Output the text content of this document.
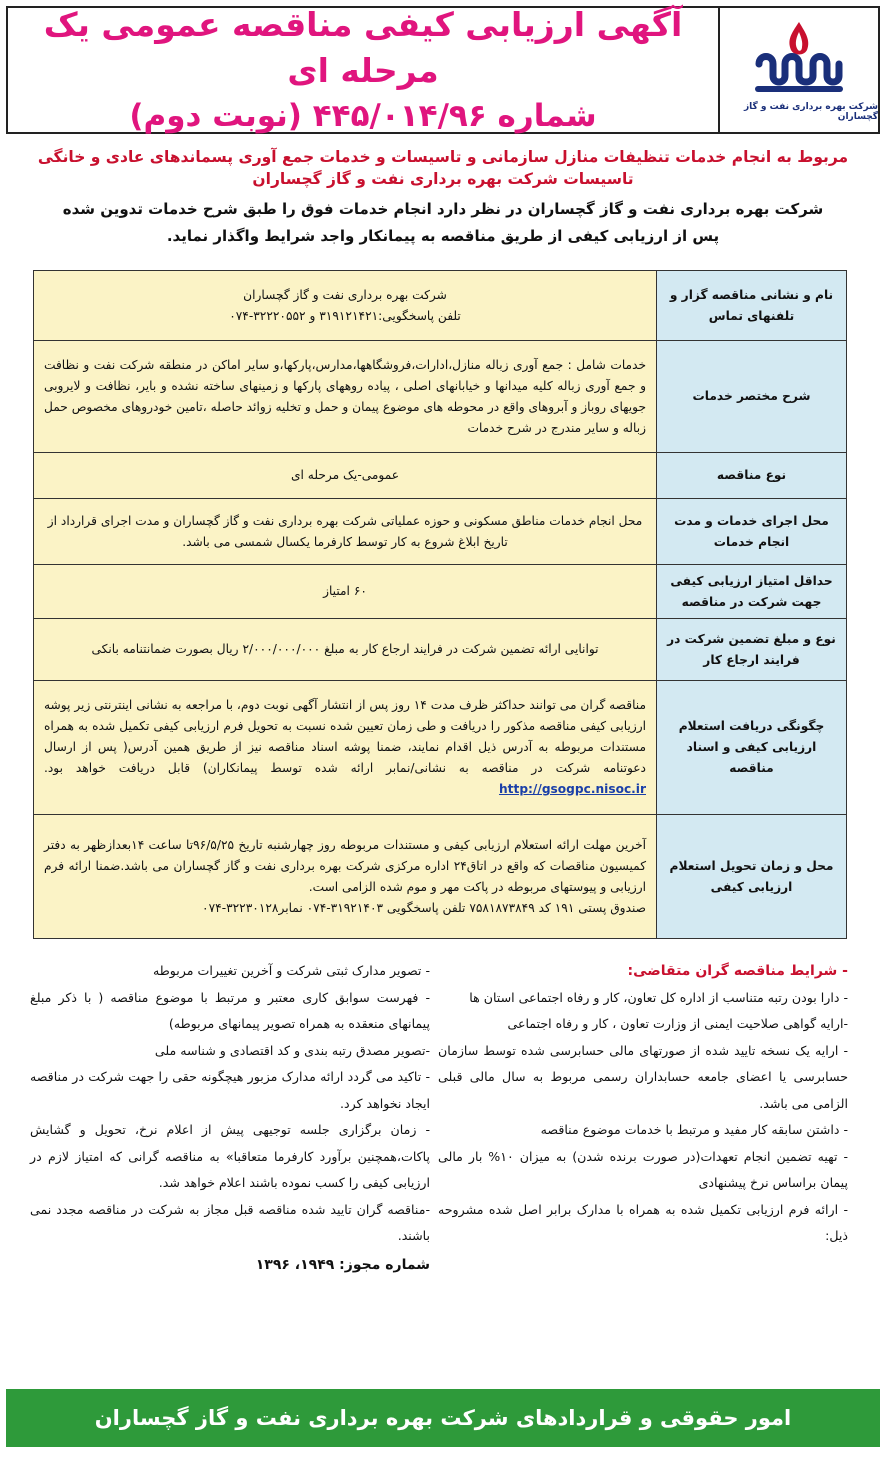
شرکت بهره برداری نفت و گاز گچساران
آگهی ارزیابی کیفی مناقصه عمومی یک مرحله ای
شماره ۴۴۵/۰۱۴/۹۶ (نوبت دوم)
مربوط به انجام خدمات تنظیفات منازل سازمانی و تاسیسات و خدمات جمع آوری پسماندهای عادی و خانگی
تاسیسات شرکت بهره برداری نفت و گاز گچساران
شرکت بهره برداری نفت و گاز گچساران در نظر دارد انجام خدمات فوق را طبق شرح خدمات تدوین شده
پس از ارزیابی کیفی از طریق مناقصه به پیمانکار واجد شرایط واگذار نماید.
نام و نشانی مناقصه گزار و تلفنهای تماس	شرکت بهره برداری نفت و گاز گچساران
تلفن پاسخگویی:۳۱۹۱۲۱۴۲۱ و ۳۲۲۲۰۵۵۲-۰۷۴

شرح مختصر خدمات	خدمات شامل : جمع آوری زباله منازل،ادارات،فروشگاهها،مدارس،پارکها،و سایر اماکن در منطقه شرکت نفت و نظافت و جمع آوری زباله کلیه میدانها و خیابانهای اصلی ، پیاده روههای پارکها و زمینهای ساخته نشده و بایر، نظافت و لایروبی جویهای روباز و آبروهای واقع در محوطه های موضوع پیمان و حمل و تخلیه زوائد حاصله ،تامین خودروهای مخصوص حمل زباله و سایر مندرج در شرح خدمات
نوع مناقصه	عمومی-یک مرحله ای
محل اجرای خدمات و مدت انجام خدمات	محل انجام خدمات مناطق مسکونی و حوزه عملیاتی شرکت بهره برداری نفت و گاز گچساران و مدت اجرای قرارداد از تاریخ ابلاغ شروع به کار توسط کارفرما یکسال شمسی می باشد.
حداقل امتیاز ارزیابی کیفی جهت شرکت در مناقصه	۶۰ امتیاز
نوع و مبلغ تضمین شرکت در فرایند ارجاع کار	توانایی ارائه تضمین شرکت در فرایند ارجاع کار به مبلغ ۲/۰۰۰/۰۰۰/۰۰۰ ریال بصورت ضمانتنامه بانکی
چگونگی دریافت استعلام ارزیابی کیفی و اسناد مناقصه	مناقصه گران می توانند حداکثر ظرف مدت ۱۴ روز پس از انتشار آگهی نوبت دوم، با مراجعه به نشانی اینترنتی زیر پوشه ارزیابی کیفی مناقصه مذکور را دریافت و طی زمان تعیین شده نسبت به تحویل فرم ارزیابی کیفی تکمیل شده به همراه مستندات مربوطه به آدرس ذیل اقدام نمایند، ضمنا پوشه اسناد مناقصه نیز از طریق همین آدرس( پس از ارسال دعوتنامه شرکت در مناقصه به نشانی/نمابر ارائه شده توسط پیمانکاران) قابل دریافت خواهد بود. http://gsogpc.nisoc.ir
محل و زمان تحویل استعلام ارزیابی کیفی	آخرین مهلت ارائه استعلام ارزیابی کیفی و مستندات مربوطه روز چهارشنبه تاریخ ۹۶/۵/۲۵تا ساعت ۱۴بعدازظهر به دفتر کمیسیون مناقصات که واقع در اتاق۲۴ اداره مرکزی شرکت بهره برداری نفت و گاز گچساران می باشد.ضمنا ارائه فرم ارزیابی و پیوستهای مربوطه در پاکت مهر و موم شده الزامی است.
صندوق پستی ۱۹۱ کد ۷۵۸۱۸۷۳۸۴۹ تلفن پاسخگویی ۳۱۹۲۱۴۰۳-۰۷۴ نمابر۳۲۲۳۰۱۲۸-۰۷۴
- شرایط مناقصه گران متقاضی:
- دارا بودن رتبه متناسب از اداره کل تعاون، کار و رفاه اجتماعی استان ها
-ارایه گواهی صلاحیت ایمنی از وزارت تعاون ، کار و رفاه اجتماعی
- ارایه یک نسخه تایید شده از صورتهای مالی حسابرسی شده توسط سازمان حسابرسی یا اعضای جامعه حسابداران رسمی مربوط به سال مالی قبلی الزامی می باشد.
- داشتن سابقه کار مفید و مرتبط با خدمات موضوع مناقصه
- تهیه تضمین انجام تعهدات(در صورت برنده شدن) به میزان ۱۰% بار مالی پیمان براساس نرخ پیشنهادی
- ارائه فرم ارزیابی تکمیل شده به همراه با مدارک برابر اصل شده مشروحه ذیل:
- تصویر مدارک ثبتی شرکت و آخرین تغییرات مربوطه
- فهرست سوابق کاری معتبر و مرتبط با موضوع مناقصه ( با ذکر مبلغ پیمانهای منعقده به همراه تصویر پیمانهای مربوطه)
-تصویر مصدق رتبه بندی و کد اقتصادی و شناسه ملی
- تاکید می گردد ارائه مدارک مزبور هیچگونه حقی را جهت شرکت در مناقصه ایجاد نخواهد کرد.
- زمان برگزاری جلسه توجیهی پیش از اعلام نرخ، تحویل و گشایش پاکات،همچنین برآورد کارفرما متعاقبا» به مناقصه گرانی که امتیاز لازم در ارزیابی کیفی را کسب نموده باشند اعلام خواهد شد.
-مناقصه گران تایید شده مناقصه قبل مجاز به شرکت در مناقصه مجدد نمی باشند.
شماره مجوز: ۱۹۴۹، ۱۳۹۶
امور حقوقی و قراردادهای شرکت بهره برداری نفت و گاز گچساران
